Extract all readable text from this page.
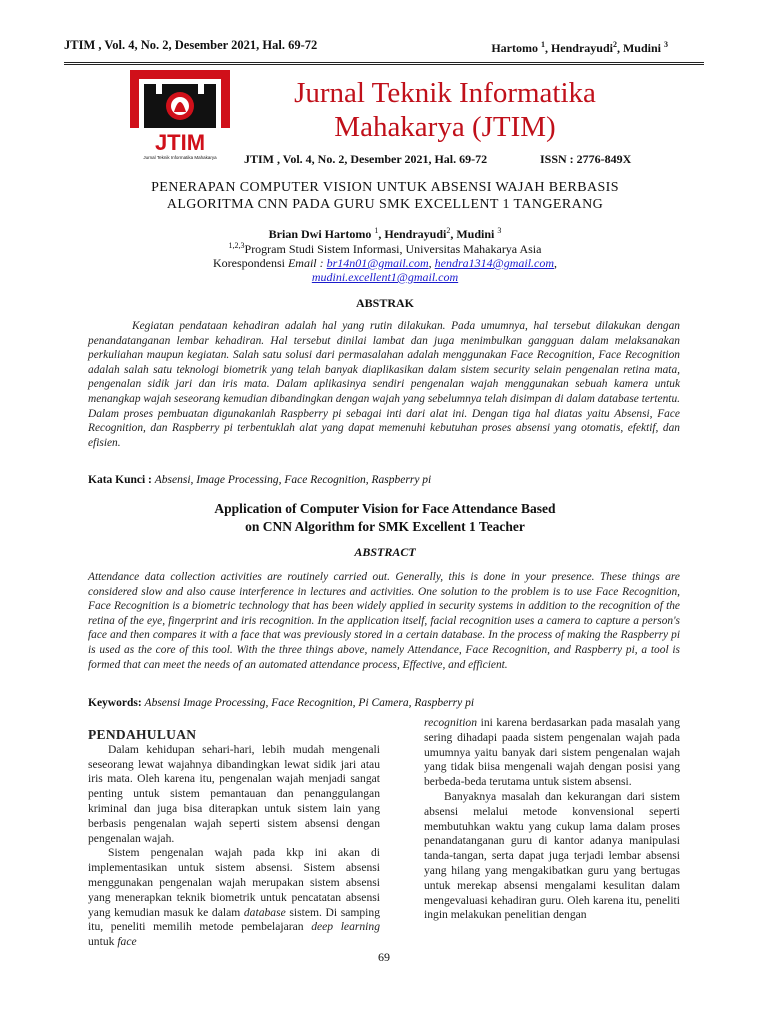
JTIM , Vol. 4, No. 2, Desember 2021, Hal. 69-72	Hartomo $^1$, Hendrayudi$^2$, Mudini $^3$
JTIM
Jurnal Teknik Informatika Mahakarya
Jurnal Teknik Informatika Mahakarya (JTIM)
JTIM , Vol. 4, No. 2, Desember 2021, Hal. 69-72	ISSN : 2776-849X
PENERAPAN COMPUTER VISION UNTUK ABSENSI WAJAH BERBASIS
ALGORITMA CNN PADA GURU SMK EXCELLENT 1 TANGERANG
Brian Dwi Hartomo $^1$, Hendrayudi$^2$, Mudini $^3$
$^{1,2,3}$Program Studi Sistem Informasi, Universitas Mahakarya Asia
Korespondensi Email : br14n01@gmail.com, hendra1314@gmail.com,
mudini.excellent1@gmail.com
ABSTRAK
Kegiatan pendataan kehadiran adalah hal yang rutin dilakukan. Pada umumnya, hal tersebut dilakukan dengan penandatanganan lembar kehadiran. Hal tersebut dinilai lambat dan juga menimbulkan gangguan dalam melaksanakan perkuliahan maupun kegiatan. Salah satu solusi dari permasalahan adalah menggunakan Face Recognition, Face Recognition adalah salah satu teknologi biometrik yang telah banyak diaplikasikan dalam sistem security selain pengenalan retina mata, pengenalan sidik jari dan iris mata. Dalam aplikasinya sendiri pengenalan wajah menggunakan sebuah kamera untuk menangkap wajah seseorang kemudian dibandingkan dengan wajah yang sebelumnya telah disimpan di dalam database tertentu. Dalam proses pembuatan digunakanlah Raspberry pi sebagai inti dari alat ini. Dengan tiga hal diatas yaitu Absensi, Face Recognition, dan Raspberry pi terbentuklah alat yang dapat memenuhi kebutuhan proses absensi yang otomatis, efektif, dan efisien.
Kata Kunci : Absensi, Image Processing, Face Recognition, Raspberry pi
Application of Computer Vision for Face Attendance Based
on CNN Algorithm for SMK Excellent 1 Teacher
ABSTRACT
Attendance data collection activities are routinely carried out. Generally, this is done in your presence. These things are considered slow and also cause interference in lectures and activities. One solution to the problem is to use Face Recognition, Face Recognition is a biometric technology that has been widely applied in security systems in addition to the recognition of the retina of the eye, fingerprint and iris recognition. In the application itself, facial recognition uses a camera to capture a person's face and then compares it with a face that was previously stored in a certain database. In the process of making the Raspberry pi is used as the core of this tool. With the three things above, namely Attendance, Face Recognition, and Raspberry pi, a tool is formed that can meet the needs of an automated attendance process, Effective, and efficient.
Keywords: Absensi Image Processing, Face Recognition, Pi Camera, Raspberry pi

PENDAHULUAN

Dalam kehidupan sehari-hari, lebih mudah mengenali seseorang lewat wajahnya dibandingkan lewat sidik jari atau iris mata. Oleh karena itu, pengenalan wajah menjadi sangat penting untuk sistem pemantauan dan penanggulangan kriminal dan juga bisa diterapkan untuk sistem lain yang berbasis pengenalan wajah seperti sistem absensi dengan pengenalan wajah.

Sistem pengenalan wajah pada kkp ini akan di implementasikan untuk sistem absensi. Sistem absensi menggunakan pengenalan wajah merupakan sistem absensi yang menerapkan teknik biometrik untuk pencatatan absensi yang kemudian masuk ke dalam database sistem. Di samping itu, peneliti memilih metode pembelajaran deep learning untuk face

recognition ini karena berdasarkan pada masalah yang sering dihadapi paada sistem pengenalan wajah pada umumnya yaitu banyak dari sistem pengenalan wajah yang tidak biisa mengenali wajah dengan posisi yang berbeda-beda terutama untuk sistem absensi.

Banyaknya masalah dan kekurangan dari sistem absensi melalui metode konvensional seperti membutuhkan waktu yang cukup lama dalam proses penandatanganan guru di kantor adanya manipulasi tanda-tangan, serta dapat juga terjadi lembar absensi yang hilang yang mengakibatkan guru yang bertugas untuk merekap absensi mengalami kesulitan dalam mengevaluasi kehadiran guru. Oleh karena itu, peneliti ingin melakukan penelitian dengan

69
